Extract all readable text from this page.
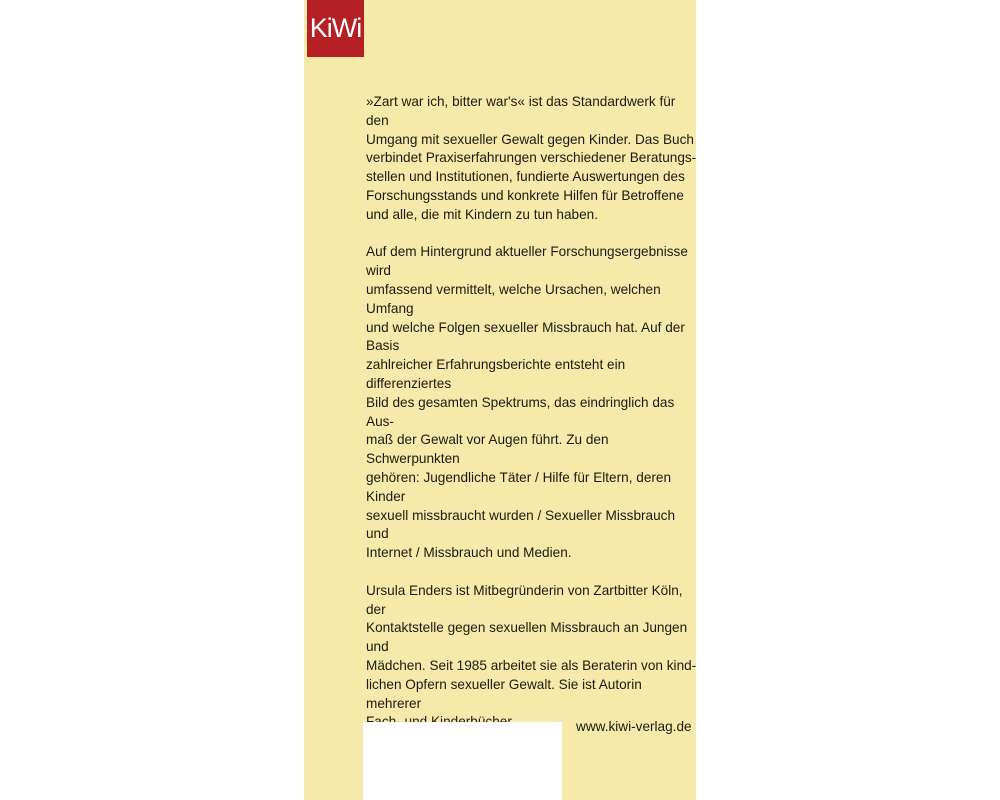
KiWi

»Zart war ich, bitter war's« ist das Standardwerk für den
Umgang mit sexueller Gewalt gegen Kinder. Das Buch
verbindet Praxiserfahrungen verschiedener Beratungs-
stellen und Institutionen, fundierte Auswertungen des
Forschungsstands und konkrete Hilfen für Betroffene
und alle, die mit Kindern zu tun haben.

Auf dem Hintergrund aktueller Forschungsergebnisse wird
umfassend vermittelt, welche Ursachen, welchen Umfang
und welche Folgen sexueller Missbrauch hat. Auf der Basis
zahlreicher Erfahrungsberichte entsteht ein differenziertes
Bild des gesamten Spektrums, das eindringlich das Aus-
maß der Gewalt vor Augen führt. Zu den Schwerpunkten
gehören: Jugendliche Täter / Hilfe für Eltern, deren Kinder
sexuell missbraucht wurden / Sexueller Missbrauch und
Internet / Missbrauch und Medien.

Ursula Enders ist Mitbegründerin von Zartbitter Köln, der
Kontaktstelle gegen sexuellen Missbrauch an Jungen und
Mädchen. Seit 1985 arbeitet sie als Beraterin von kind-
lichen Opfern sexueller Gewalt. Sie ist Autorin mehrerer

www.kiwi-verlag.de
